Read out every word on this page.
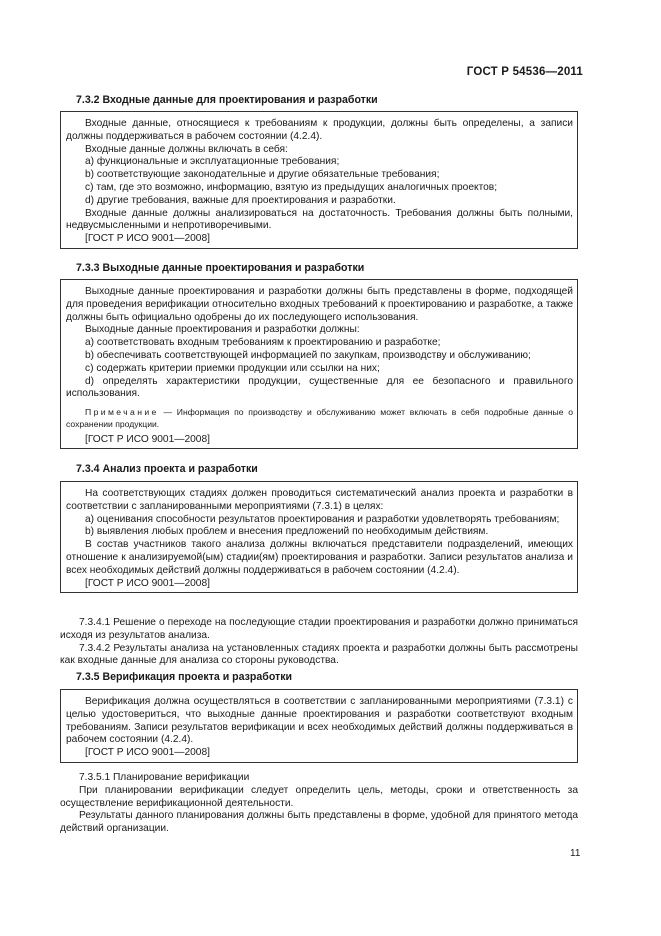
ГОСТ Р 54536—2011
7.3.2 Входные данные для проектирования и разработки

Входные данные, относящиеся к требованиям к продукции, должны быть определены, а записи должны поддерживаться в рабочем состоянии (4.2.4).

Входные данные должны включать в себя:

a) функциональные и эксплуатационные требования;

b) соответствующие законодательные и другие обязательные требования;

c) там, где это возможно, информацию, взятую из предыдущих аналогичных проектов;

d) другие требования, важные для проектирования и разработки.

Входные данные должны анализироваться на достаточность. Требования должны быть полными, недвусмысленными и непротиворечивыми.

[ГОСТ Р ИСО 9001—2008]

7.3.3 Выходные данные проектирования и разработки

Выходные данные проектирования и разработки должны быть представлены в форме, подходящей для проведения верификации относительно входных требований к проектированию и разработке, а также должны быть официально одобрены до их последующего использования.

Выходные данные проектирования и разработки должны:

a) соответствовать входным требованиям к проектированию и разработке;

b) обеспечивать соответствующей информацией по закупкам, производству и обслуживанию;

c) содержать критерии приемки продукции или ссылки на них;

d) определять характеристики продукции, существенные для ее безопасного и правильного использования.

Примечание — Информация по производству и обслуживанию может включать в себя подробные данные о сохранении продукции.

[ГОСТ Р ИСО 9001—2008]

7.3.4 Анализ проекта и разработки

На соответствующих стадиях должен проводиться систематический анализ проекта и разработки в соответствии с запланированными мероприятиями (7.3.1) в целях:

a) оценивания способности результатов проектирования и разработки удовлетворять требованиям;

b) выявления любых проблем и внесения предложений по необходимым действиям.

В состав участников такого анализа должны включаться представители подразделений, имеющих отношение к анализируемой(ым) стадии(ям) проектирования и разработки. Записи результатов анализа и всех необходимых действий должны поддерживаться в рабочем состоянии (4.2.4).

[ГОСТ Р ИСО 9001—2008]

7.3.4.1 Решение о переходе на последующие стадии проектирования и разработки должно приниматься исходя из результатов анализа.

7.3.4.2 Результаты анализа на установленных стадиях проекта и разработки должны быть рассмотрены как входные данные для анализа со стороны руководства.

7.3.5 Верификация проекта и разработки

Верификация должна осуществляться в соответствии с запланированными мероприятиями (7.3.1) с целью удостовериться, что выходные данные проектирования и разработки соответствуют входным требованиям. Записи результатов верификации и всех необходимых действий должны поддерживаться в рабочем состоянии (4.2.4).

[ГОСТ Р ИСО 9001—2008]

7.3.5.1 Планирование верификации

При планировании верификации следует определить цель, методы, сроки и ответственность за осуществление верификационной деятельности.

Результаты данного планирования должны быть представлены в форме, удобной для принятого метода действий организации.

11
